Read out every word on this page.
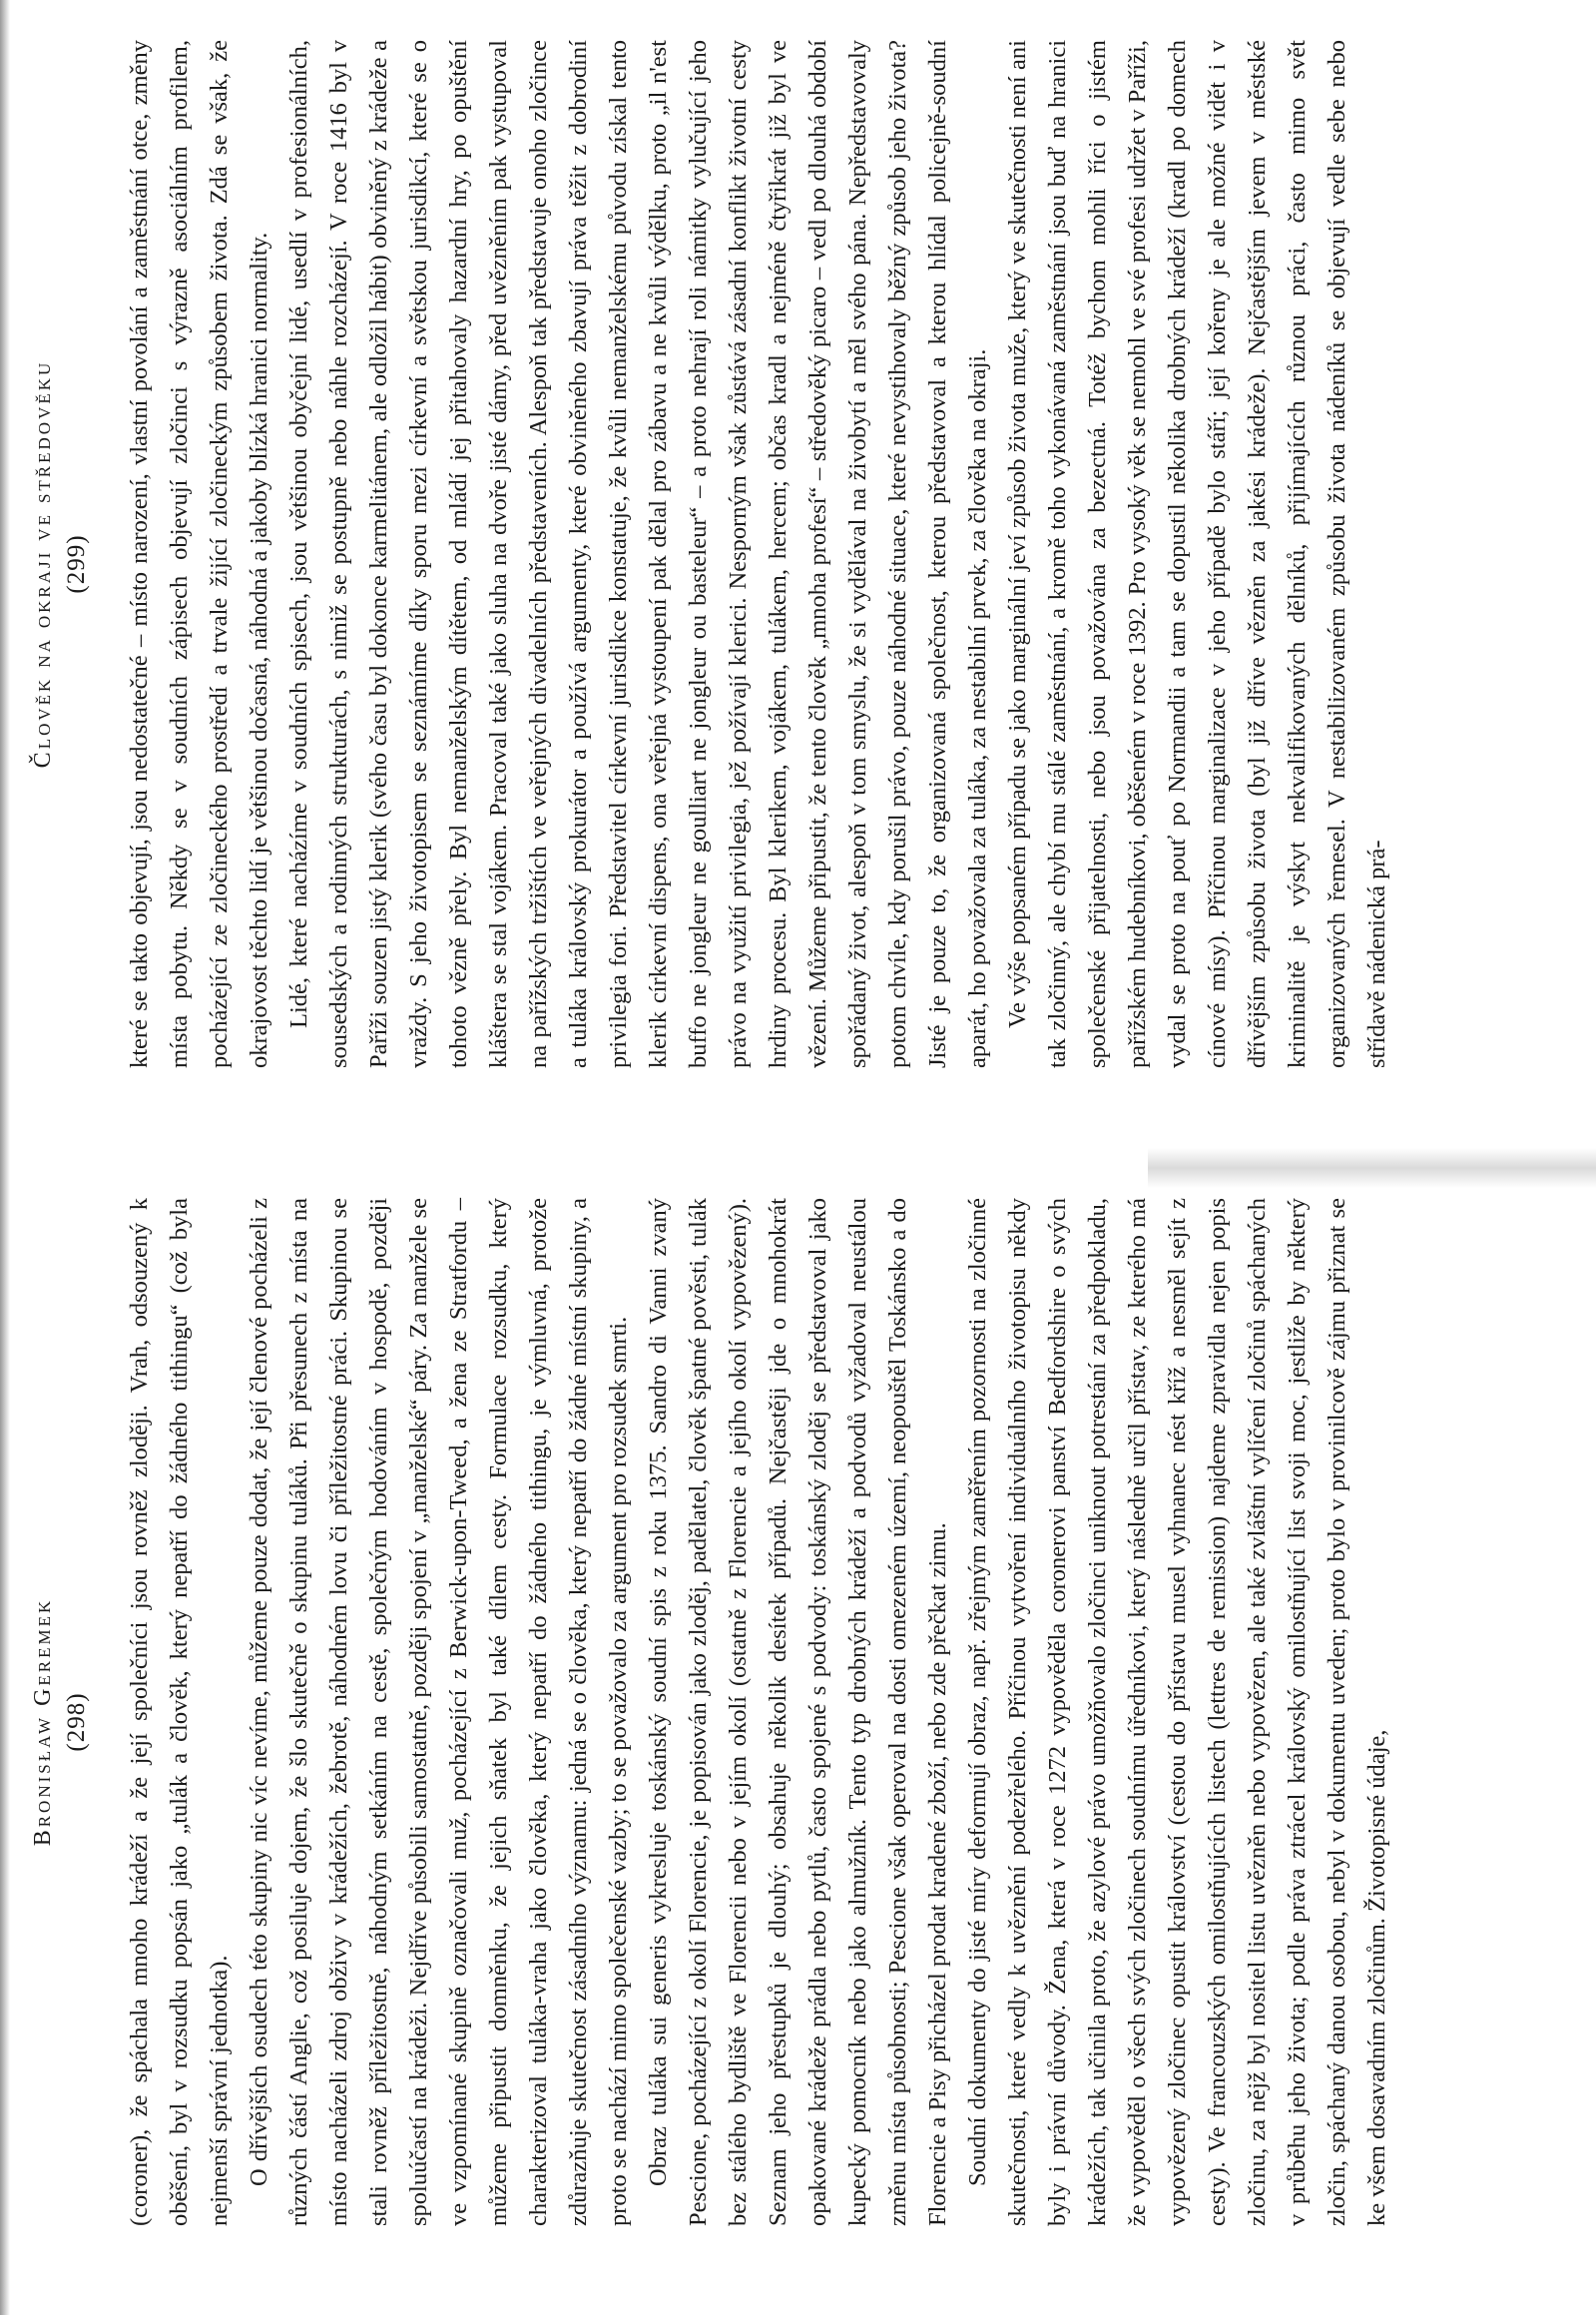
Bronisław Geremek (298) (coroner), že spáchala mnoho krádeží a že její společníci jsou rovněž zloději. Vrah, odsouzený k oběšení, byl v rozsudku popsán jako „tulák a člověk, který nepatří do žádného tithingu“ (což byla nejmenší správní jednotka). O dřívějších osudech této skupiny nic víc nevíme, můžeme pouze dodat, že její členové pocházeli z různých částí Anglie, což posiluje dojem, že šlo skutečně o skupinu tuláků. Při přesunech z místa na místo nacházeli zdroj obživy v krádežích, žebrotě, náhodném lovu či příležitostné práci. Skupinou se stali rovněž příležitostně, náhodným setkáním na cestě, společným hodováním v hospodě, později spoluúčastí na krádeži. Nejdříve působili samostatně, později spojení v „manželské“ páry. Za manžele se ve vzpomínané skupině označovali muž, pocházející z Berwick-upon-Tweed, a žena ze Stratfordu – můžeme připustit domněnku, že jejich sňatek byl také dílem cesty. Formulace rozsudku, který charakterizoval tuláka-vraha jako člověka, který nepatří do žádného tithingu, je výmluvná, protože zdůrazňuje skutečnost zásadního významu: jedná se o člověka, který nepatří do žádné místní skupiny, a proto se nachází mimo společenské vazby; to se považovalo za argument pro rozsudek smrti. Obraz tuláka sui generis vykresluje toskánský soudní spis z roku 1375. Sandro di Vanni zvaný Pescione, pocházející z okolí Florencie, je popisován jako zloděj, padělatel, člověk špatné pověsti, tulák bez stálého bydliště ve Florencii nebo v jejím okolí (ostatně z Florencie a jejího okolí vypovězený). Seznam jeho přestupků je dlouhý; obsahuje několik desítek případů. Nejčastěji jde o mnohokrát opakované krádeže prádla nebo pytlů, často spojené s podvody: toskánský zloděj se představoval jako kupecký pomocník nebo jako almužník. Tento typ drobných krádeží a podvodů vyžadoval neustálou změnu místa působnosti; Pescione však operoval na dosti omezeném území, neopouštěl Toskánsko a do Florencie a Pisy přicházel prodat kradené zboží, nebo zde přečkat zimu. Soudní dokumenty do jisté míry deformují obraz, např. zřejmým zaměřením pozornosti na zločinné skutečnosti, které vedly k uvěznění podezřelého. Příčinou vytvoření individuálního životopisu někdy byly i právní důvody. Žena, která v roce 1272 vypověděla coronerovi panství Bedfordshire o svých krádežích, tak učinila proto, že azylové právo umožňovalo zločinci uniknout potrestání za předpokladu, že vypověděl o všech svých zločinech soudnímu úředníkovi, který následně určil přístav, ze kterého má vypovězený zločinec opustit království (cestou do přístavu musel vyhnanec nést kříž a nesměl sejít z cesty). Ve francouzských omilostňujících listech (lettres de remission) najdeme zpravidla nejen popis zločinu, za nějž byl nositel listu uvězněn nebo vypovězen, ale také zvláštní vylíčení zločinů spáchaných v průběhu jeho života; podle práva ztrácel královský omilostňující list svoji moc, jestliže by některý zločin, spáchaný danou osobou, nebyl v dokumentu uveden; proto bylo v provinilcově zájmu přiznat se ke všem dosavadním zločinům. Životopisné údaje,

Člověk na okraji ve středověku (299) které se takto objevují, jsou nedostatečné – místo narození, vlastní povolání a zaměstnání otce, změny místa pobytu. Někdy se v soudních zápisech objevují zločinci s výrazně asociálním profilem, pocházející ze zločineckého prostředí a trvale žijící zločineckým způsobem života. Zdá se však, že okrajovost těchto lidí je většinou dočasná, náhodná a jakoby blízká hranici normality. Lidé, které nacházíme v soudních spisech, jsou většinou obyčejní lidé, usedlí v profesionálních, sousedských a rodinných strukturách, s nimiž se postupně nebo náhle rozcházejí. V roce 1416 byl v Paříži souzen jistý klerik (svého času byl dokonce karmelitánem, ale odložil hábit) obviněný z krádeže a vraždy. S jeho životopisem se seznámíme díky sporu mezi církevní a světskou jurisdikcí, které se o tohoto vězně přely. Byl nemanželským dítětem, od mládí jej přitahovaly hazardní hry, po opuštění kláštera se stal vojákem. Pracoval také jako sluha na dvoře jisté dámy, před uvězněním pak vystupoval na pařížských tržištích ve veřejných divadelních představeních. Alespoň tak představuje onoho zločince a tuláka královský prokurátor a používá argumenty, které obviněného zbavují práva těžit z dobrodiní privilegia fori. Představitel církevní jurisdikce konstatuje, že kvůli nemanželskému původu získal tento klerik církevní dispens, ona veřejná vystoupení pak dělal pro zábavu a ne kvůli výdělku, proto „il n'est buffo ne jongleur ne goulliart ne jongleur ou basteleur“ – a proto nehrají roli námitky vylučující jeho právo na využití privilegia, jež požívají klerici. Nesporným však zůstává zásadní konflikt životní cesty hrdiny procesu. Byl klerikem, vojákem, tulákem, hercem; občas kradl a nejméně čtyřikrát již byl ve vězení. Můžeme připustit, že tento člověk „mnoha profesí“ – středověký picaro – vedl po dlouhá období spořádaný život, alespoň v tom smyslu, že si vydělával na živobytí a měl svého pána. Nepředstavovaly potom chvíle, kdy porušil právo, pouze náhodné situace, které nevystihovaly běžný způsob jeho života? Jisté je pouze to, že organizovaná společnost, kterou představoval a kterou hlídal policejně-soudní aparát, ho považovala za tuláka, za nestabilní prvek, za člověka na okraji. Ve výše popsaném případu se jako marginální jeví způsob života muže, který ve skutečnosti není ani tak zločinný, ale chybí mu stálé zaměstnání, a kromě toho vykonávaná zaměstnání jsou buď na hranici společenské přijatelnosti, nebo jsou považována za bezectná. Totéž bychom mohli říci o jistém pařížském hudebníkovi, oběšeném v roce 1392. Pro vysoký věk se nemohl ve své profesi udržet v Paříži, vydal se proto na pouť po Normandii a tam se dopustil několika drobných krádeží (kradl po domech cínové mísy). Příčinou marginalizace v jeho případě bylo stáří; její kořeny je ale možné vidět i v dřívějším způsobu života (byl již dříve vězněn za jakési krádeže). Nejčastějším jevem v městské kriminalitě je výskyt nekvalifikovaných dělníků, přijímajících různou práci, často mimo svět organizovaných řemesel. V nestabilizovaném způsobu života nádeníků se objevují vedle sebe nebo střídavě nádenická prá-
